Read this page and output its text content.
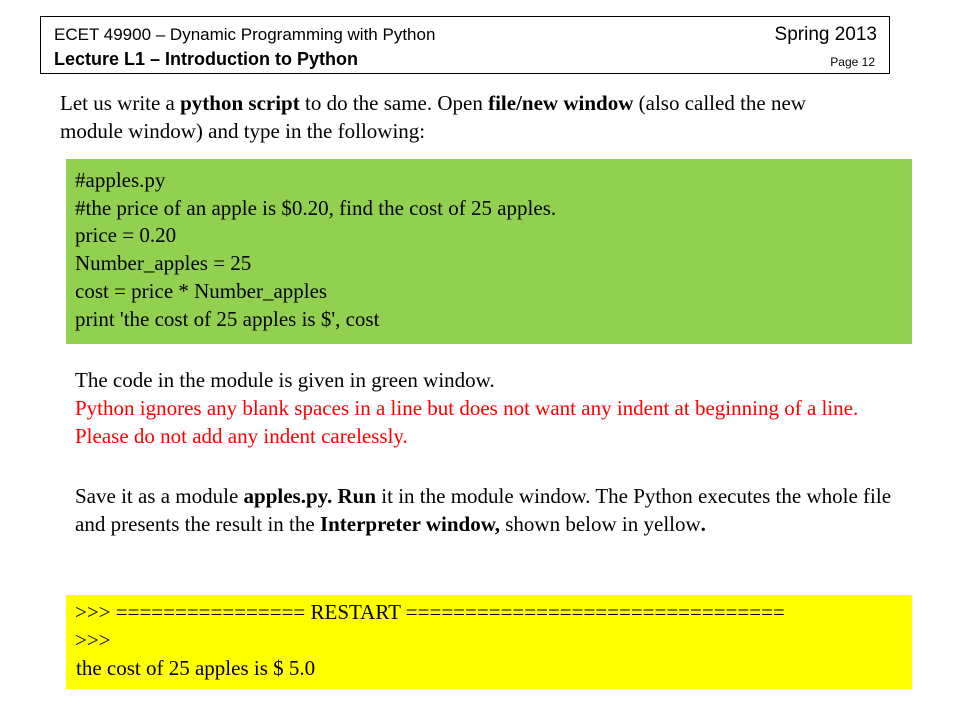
ECET 49900 – Dynamic Programming with Python	Spring 2013
Lecture L1 – Introduction to Python	Page 12
Let us write a python script to do the same. Open file/new window (also called the new module window) and type in the following:
#apples.py
#the price of an apple is $0.20, find the cost of 25 apples.
price = 0.20
Number_apples = 25
cost = price * Number_apples
print 'the cost of 25 apples is $', cost
The code in the module is given in green window.
Python ignores any blank spaces in a line but does not want any indent at beginning of a line. Please do not add any indent carelessly.
Save it as a module apples.py. Run it in the module window. The Python executes the whole file and presents the result in the Interpreter window, shown below in yellow.
>>> ================ RESTART ================================
>>>
the cost of 25 apples is $ 5.0
